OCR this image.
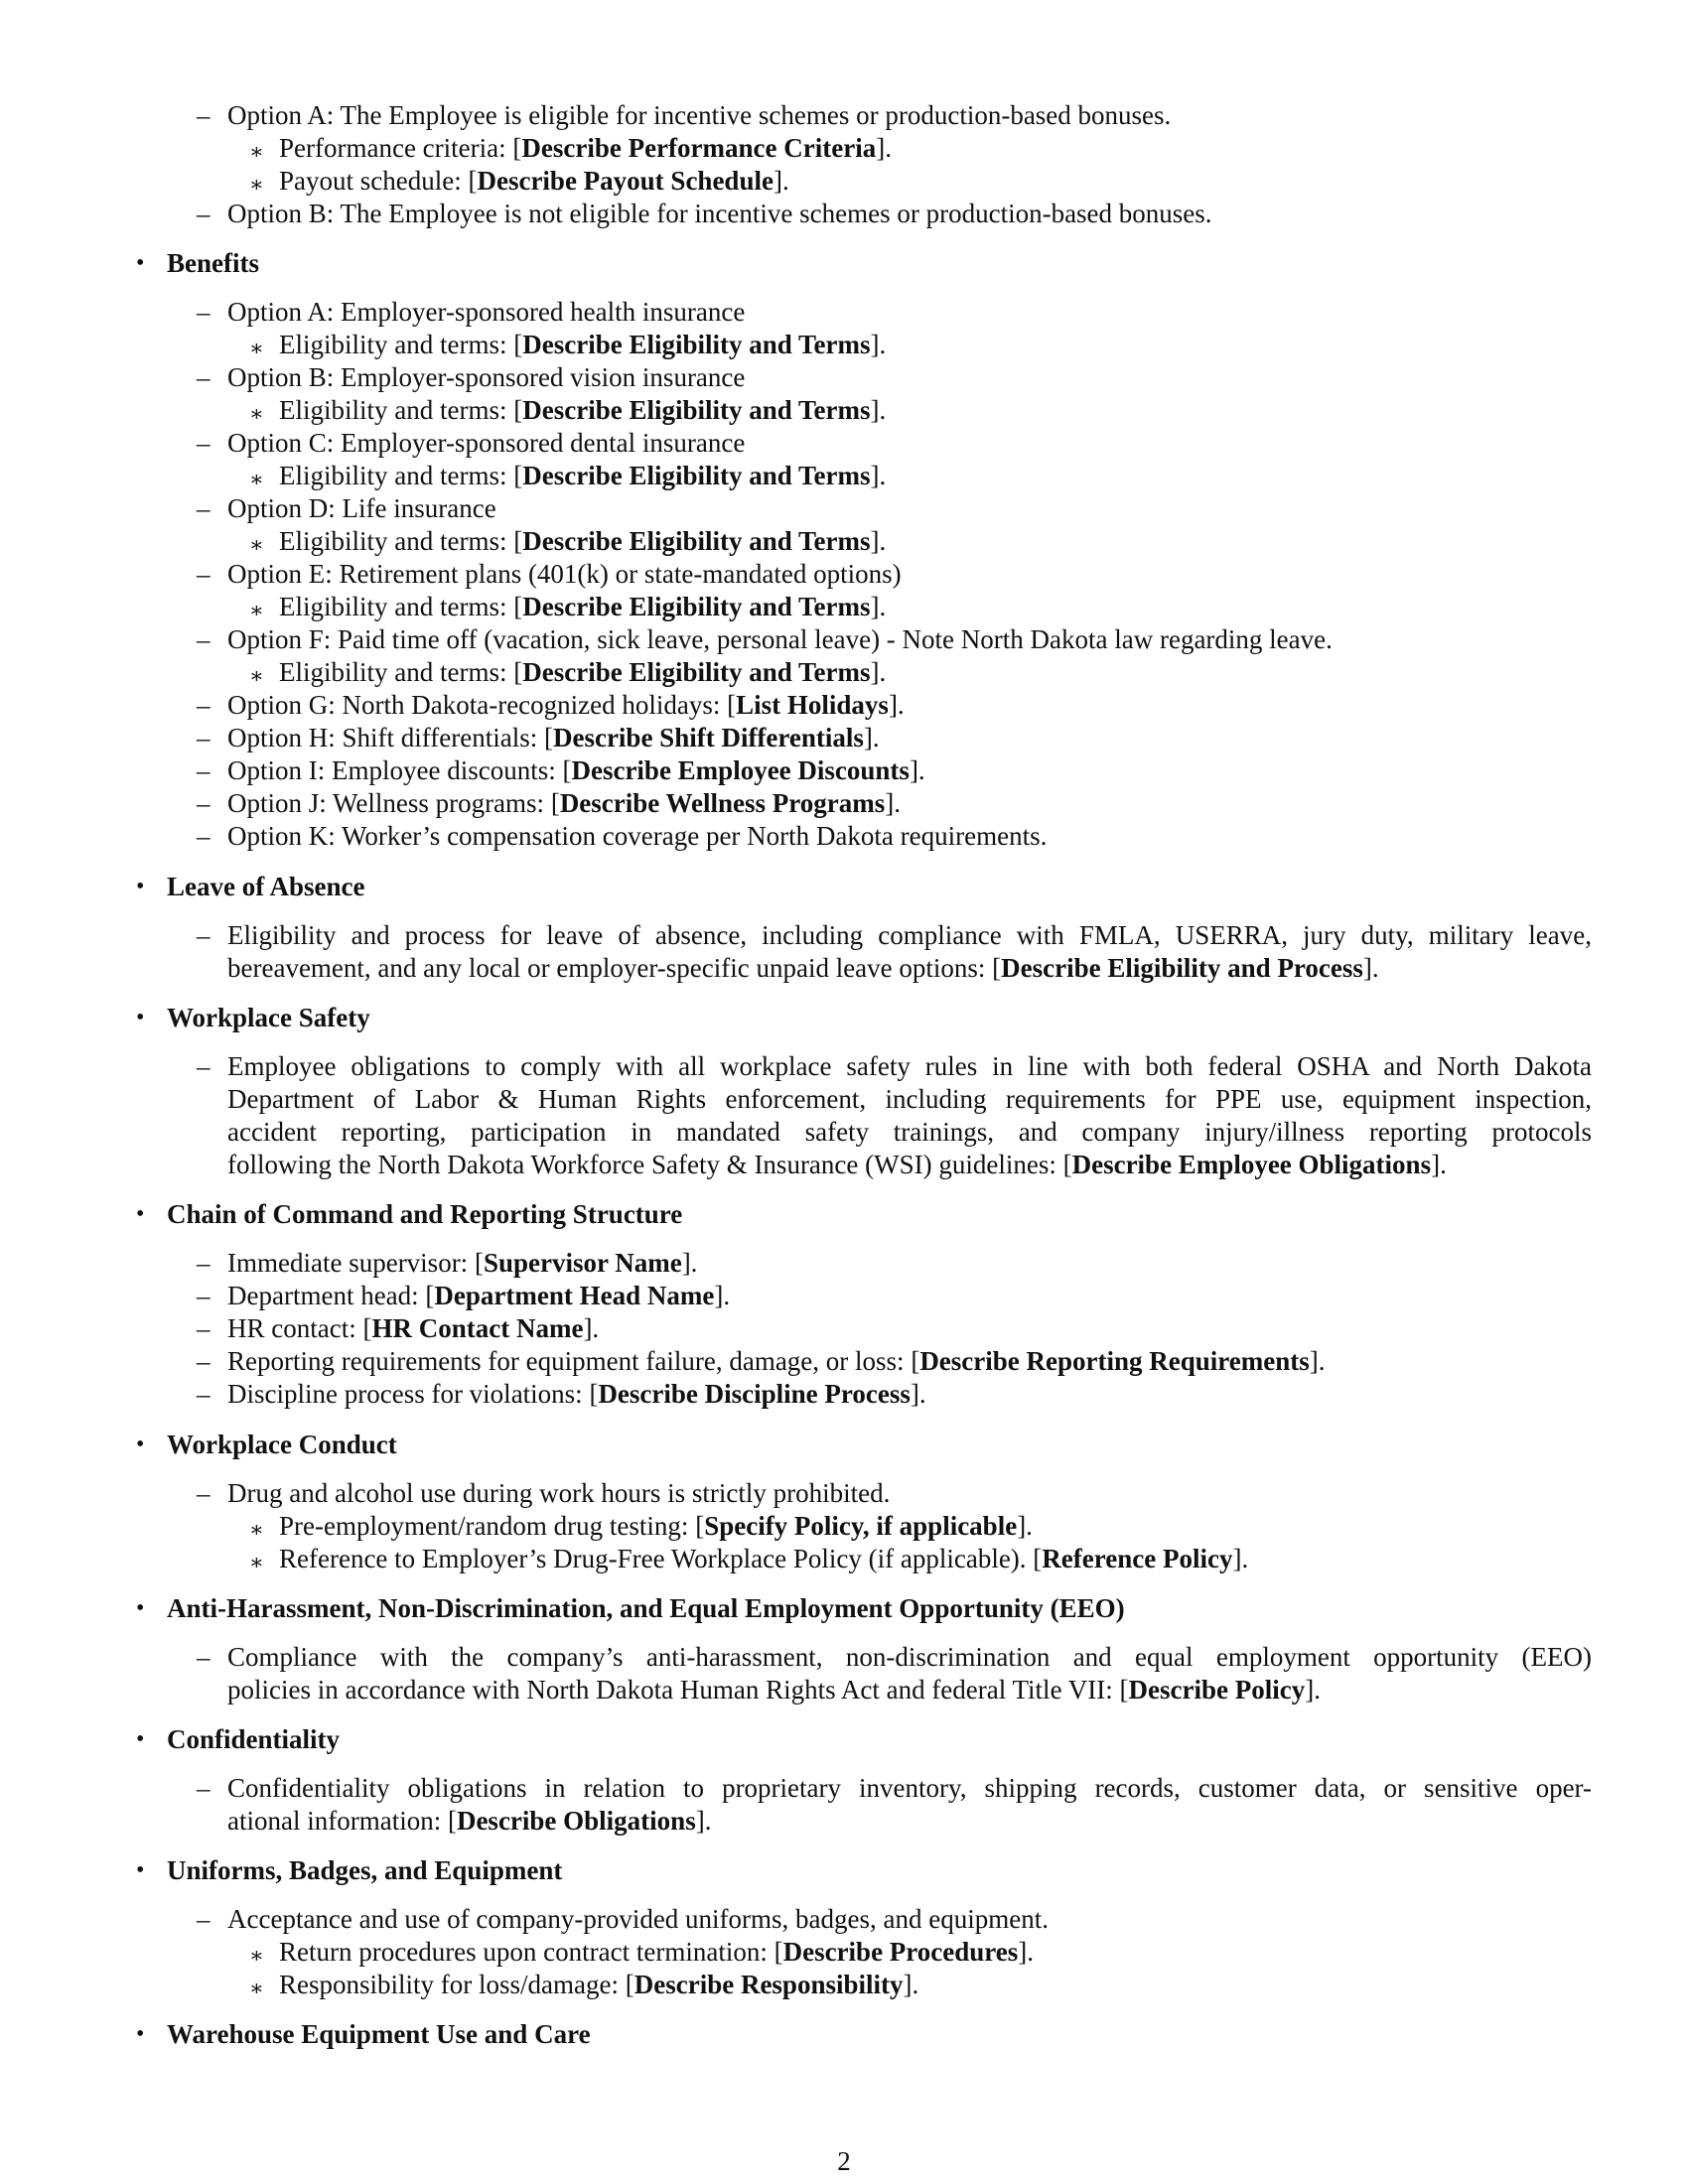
– Option A: The Employee is eligible for incentive schemes or production-based bonuses.
∗ Performance criteria: [Describe Performance Criteria].
∗ Payout schedule: [Describe Payout Schedule].
– Option B: The Employee is not eligible for incentive schemes or production-based bonuses.
• Benefits
– Option A: Employer-sponsored health insurance
∗ Eligibility and terms: [Describe Eligibility and Terms].
– Option B: Employer-sponsored vision insurance
∗ Eligibility and terms: [Describe Eligibility and Terms].
– Option C: Employer-sponsored dental insurance
∗ Eligibility and terms: [Describe Eligibility and Terms].
– Option D: Life insurance
∗ Eligibility and terms: [Describe Eligibility and Terms].
– Option E: Retirement plans (401(k) or state-mandated options)
∗ Eligibility and terms: [Describe Eligibility and Terms].
– Option F: Paid time off (vacation, sick leave, personal leave) - Note North Dakota law regarding leave.
∗ Eligibility and terms: [Describe Eligibility and Terms].
– Option G: North Dakota-recognized holidays: [List Holidays].
– Option H: Shift differentials: [Describe Shift Differentials].
– Option I: Employee discounts: [Describe Employee Discounts].
– Option J: Wellness programs: [Describe Wellness Programs].
– Option K: Worker’s compensation coverage per North Dakota requirements.
• Leave of Absence
– Eligibility and process for leave of absence, including compliance with FMLA, USERRA, jury duty, military leave,
bereavement, and any local or employer-specific unpaid leave options: [Describe Eligibility and Process].
• Workplace Safety
– Employee obligations to comply with all workplace safety rules in line with both federal OSHA and North Dakota
Department of Labor & Human Rights enforcement, including requirements for PPE use, equipment inspection,
accident reporting, participation in mandated safety trainings, and company injury/illness reporting protocols
following the North Dakota Workforce Safety & Insurance (WSI) guidelines: [Describe Employee Obligations].
• Chain of Command and Reporting Structure
– Immediate supervisor: [Supervisor Name].
– Department head: [Department Head Name].
– HR contact: [HR Contact Name].
– Reporting requirements for equipment failure, damage, or loss: [Describe Reporting Requirements].
– Discipline process for violations: [Describe Discipline Process].
• Workplace Conduct
– Drug and alcohol use during work hours is strictly prohibited.
∗ Pre-employment/random drug testing: [Specify Policy, if applicable].
∗ Reference to Employer’s Drug-Free Workplace Policy (if applicable). [Reference Policy].
• Anti-Harassment, Non-Discrimination, and Equal Employment Opportunity (EEO)
– Compliance with the company’s anti-harassment, non-discrimination and equal employment opportunity (EEO)
policies in accordance with North Dakota Human Rights Act and federal Title VII: [Describe Policy].
• Confidentiality
– Confidentiality obligations in relation to proprietary inventory, shipping records, customer data, or sensitive oper-
ational information: [Describe Obligations].
• Uniforms, Badges, and Equipment
– Acceptance and use of company-provided uniforms, badges, and equipment.
∗ Return procedures upon contract termination: [Describe Procedures].
∗ Responsibility for loss/damage: [Describe Responsibility].
• Warehouse Equipment Use and Care
2
